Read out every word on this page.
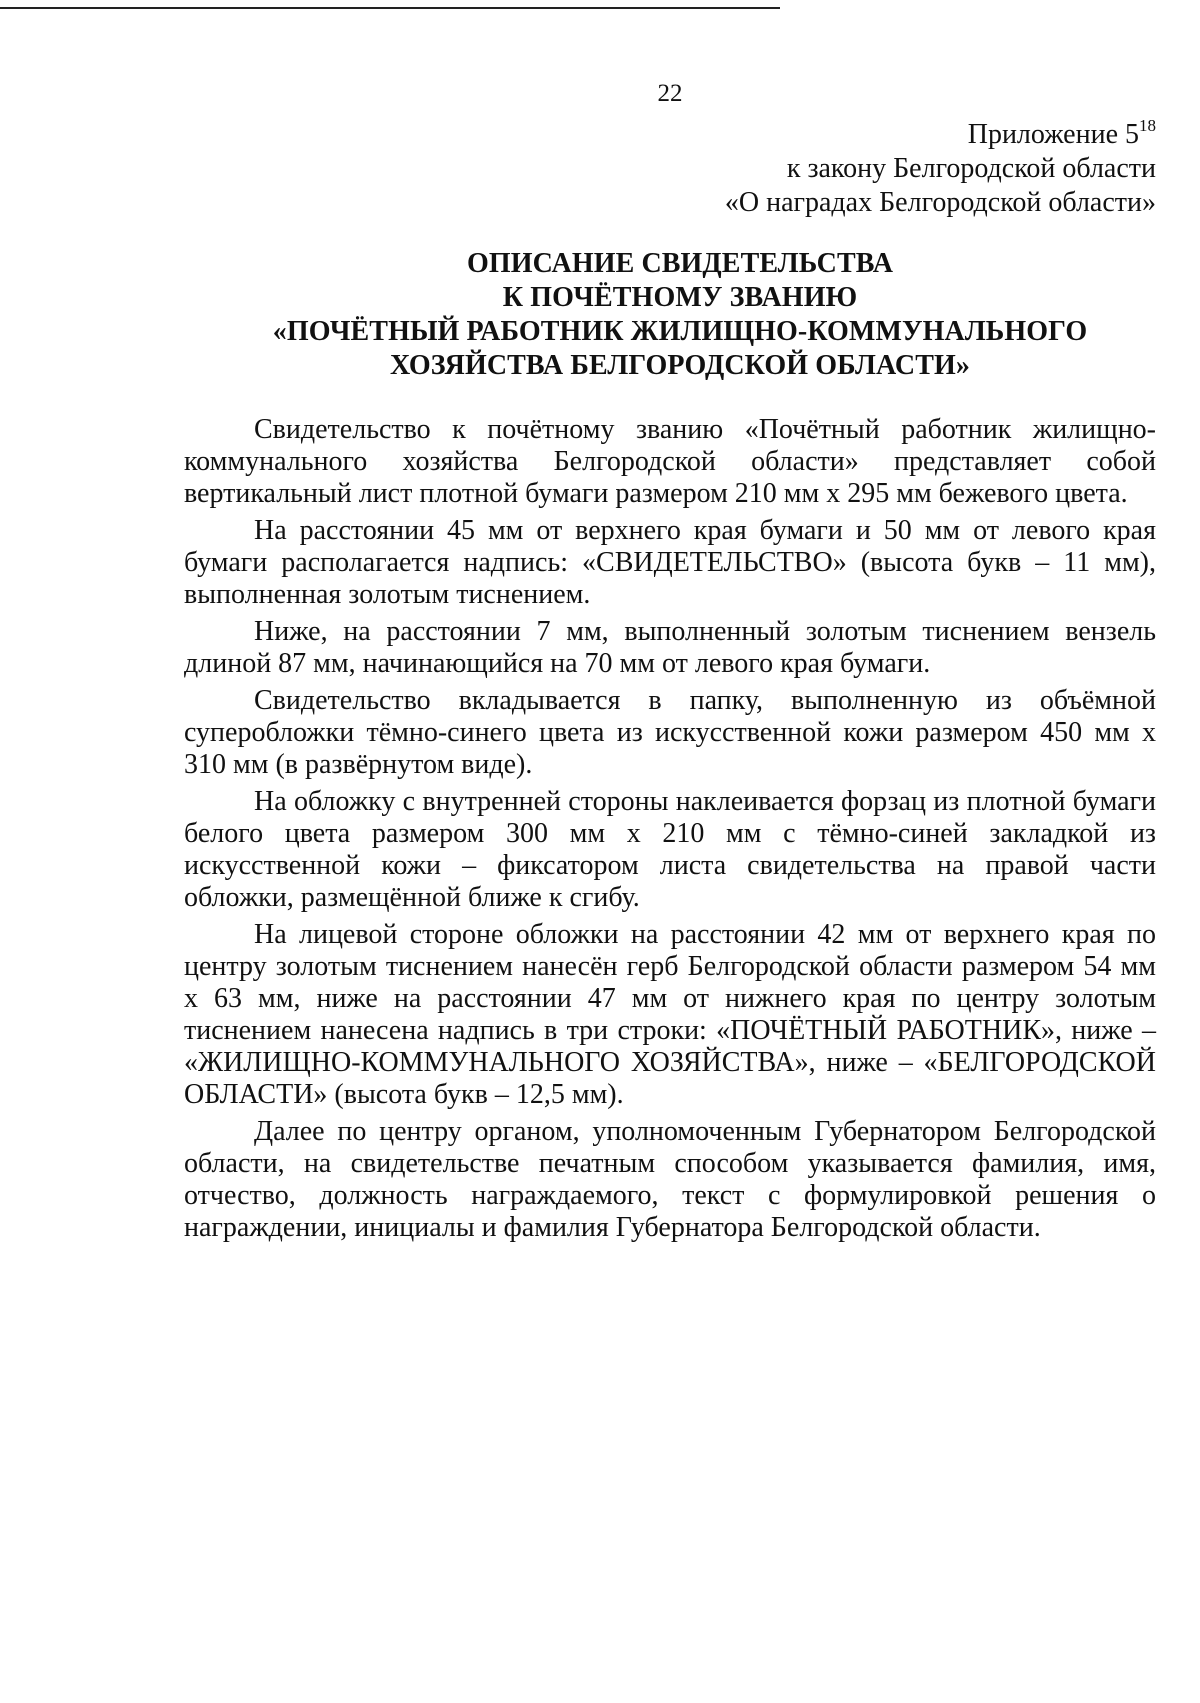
22
Приложение $5^{18}$
к закону Белгородской области
«О наградах Белгородской области»
ОПИСАНИЕ СВИДЕТЕЛЬСТВА
К ПОЧЁТНОМУ ЗВАНИЮ
«ПОЧЁТНЫЙ РАБОТНИК ЖИЛИЩНО-КОММУНАЛЬНОГО
ХОЗЯЙСТВА БЕЛГОРОДСКОЙ ОБЛАСТИ»

Свидетельство к почётному званию «Почётный работник жилищно-коммунального хозяйства Белгородской области» представляет собой вертикальный лист плотной бумаги размером 210 мм х 295 мм бежевого цвета.

На расстоянии 45 мм от верхнего края бумаги и 50 мм от левого края бумаги располагается надпись: «СВИДЕТЕЛЬСТВО» (высота букв – 11 мм), выполненная золотым тиснением.

Ниже, на расстоянии 7 мм, выполненный золотым тиснением вензель длиной 87 мм, начинающийся на 70 мм от левого края бумаги.

Свидетельство вкладывается в папку, выполненную из объёмной суперобложки тёмно-синего цвета из искусственной кожи размером 450 мм х 310 мм (в развёрнутом виде).

На обложку с внутренней стороны наклеивается форзац из плотной бумаги белого цвета размером 300 мм х 210 мм с тёмно-синей закладкой из искусственной кожи – фиксатором листа свидетельства на правой части обложки, размещённой ближе к сгибу.

На лицевой стороне обложки на расстоянии 42 мм от верхнего края по центру золотым тиснением нанесён герб Белгородской области размером 54 мм х 63 мм, ниже на расстоянии 47 мм от нижнего края по центру золотым тиснением нанесена надпись в три строки: «ПОЧЁТНЫЙ РАБОТНИК», ниже – «ЖИЛИЩНО-КОММУНАЛЬНОГО ХОЗЯЙСТВА», ниже – «БЕЛГОРОДСКОЙ ОБЛАСТИ» (высота букв – 12,5 мм).

Далее по центру органом, уполномоченным Губернатором Белгородской области, на свидетельстве печатным способом указывается фамилия, имя, отчество, должность награждаемого, текст с формулировкой решения о награждении, инициалы и фамилия Губернатора Белгородской области.
